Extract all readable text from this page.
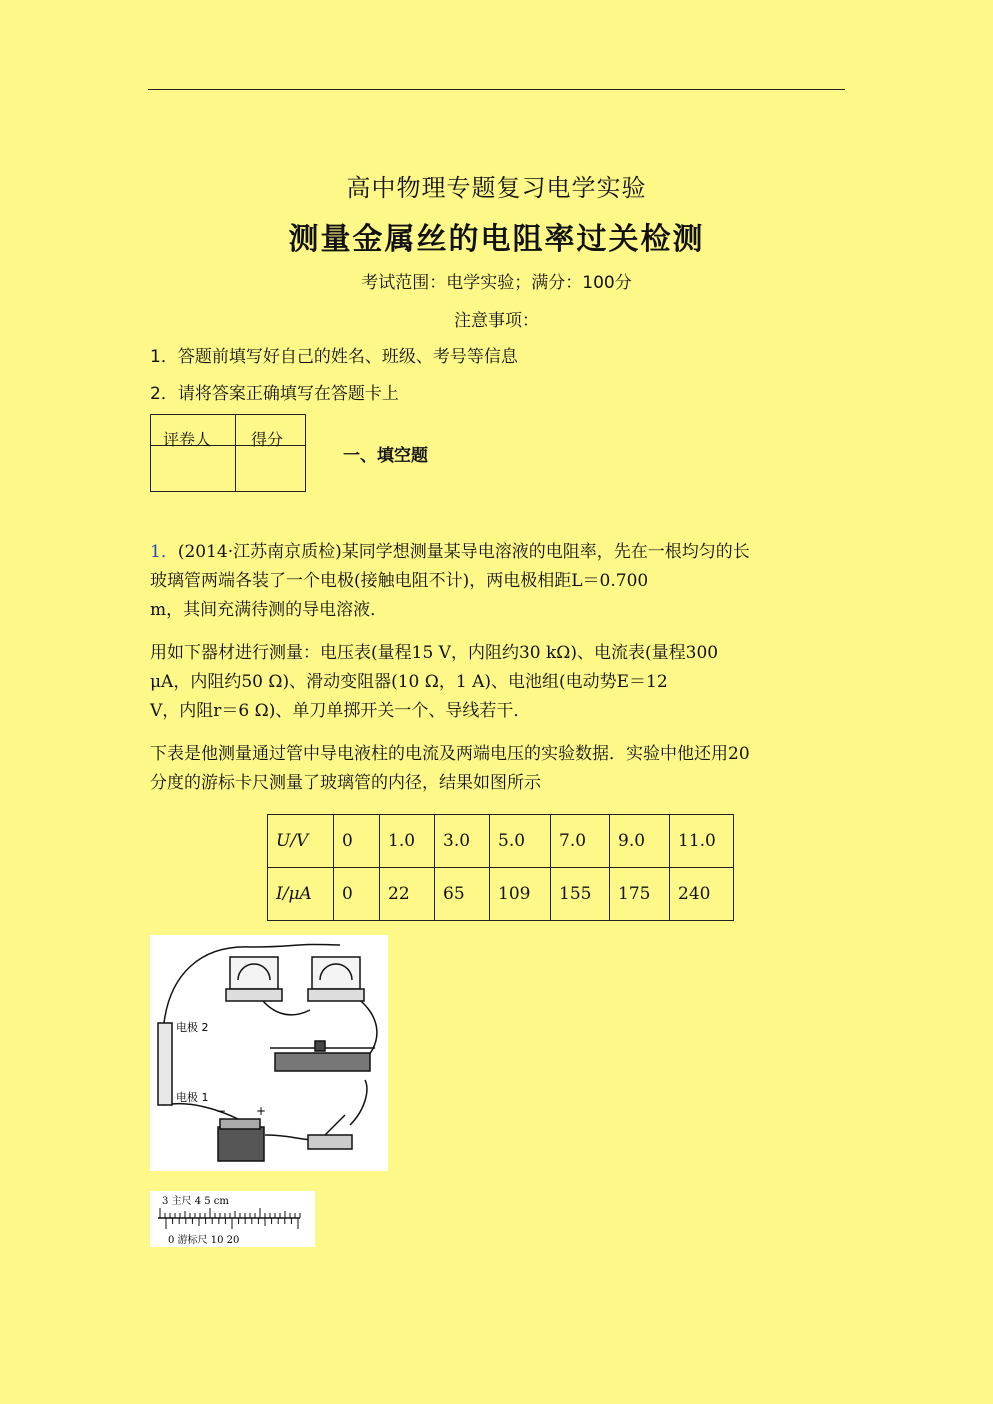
高中物理专题复习电学实验
测量金属丝的电阻率过关检测
考试范围：电学实验；满分：100分
注意事项：
1．答题前填写好自己的姓名、班级、考号等信息
2．请将答案正确填写在答题卡上
评卷人 得分
一、填空题
1．(2014·江苏南京质检)某同学想测量某导电溶液的电阻率，先在一根均匀的长
玻璃管两端各装了一个电极(接触电阻不计)，两电极相距L＝0.700
m，其间充满待测的导电溶液．
用如下器材进行测量：电压表(量程15 V，内阻约30 kΩ)、电流表(量程300
μA，内阻约50 Ω)、滑动变阻器(10 Ω，1 A)、电池组(电动势E＝12
V，内阻r＝6 Ω)、单刀单掷开关一个、导线若干．
下表是他测量通过管中导电液柱的电流及两端电压的实验数据．实验中他还用20
分度的游标卡尺测量了玻璃管的内径，结果如图所示
U/V	0	1.0	3.0	5.0	7.0	9.0	11.0
I/μA	0	22	65	109	155	175	240
电极 2
电极 1
− +
3 主尺 4 5 cm
0 游标尺 10 20
